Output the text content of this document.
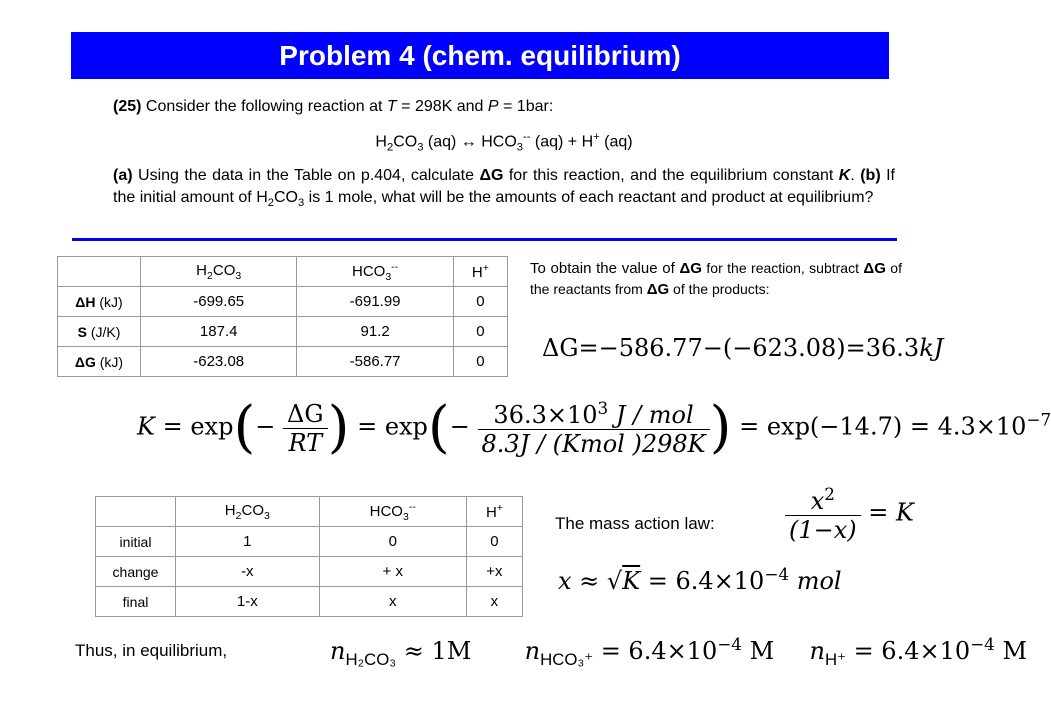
Problem 4 (chem. equilibrium)

(25) Consider the following reaction at T = 298K and P = 1bar:

$H_2CO_3$ (aq) ↔ $HCO_3^{--}$ (aq) + H+ (aq)

(a) Using the data in the Table on p.404, calculate ΔG for this reaction, and the equilibrium constant K. (b) If the initial amount of $H_2CO_3$ is 1 mole, what will be the amounts of each reactant and product at equilibrium?

	$H_2CO_3$	$HCO_3^{--}$	H+
ΔH (kJ)	-699.65	-691.99	0
S (J/K)	187.4	91.2	0
ΔG (kJ)	-623.08	-586.77	0
To obtain the value of ΔG for the reaction, subtract ΔG of the reactants from ΔG of the products:
ΔG=−586.77−(−623.08)=36.3kJ
$K = \exp(- \frac{\Delta G}{RT}$ ) = $\exp(- \frac{36.3\times 10^3 J / mol}{\text{8.3J / (Kmol )298K}}$ ) = $\exp(-14.7) = 4.3\times 10^{-7}$
	$H_2CO_3$	$HCO_3^{--}$	H+
initial	1	0	0
change	-x	+ x	+x
final	1-x	x	x
The mass action law:	$\frac{x^2}{(1-x)} = K$
$x \approx √K = 6.4\times 10^{-4}$ mol
Thus, in equilibrium,	$n_{H_2CO_3} \approx 1M$ $n_{HCO_3^+} = 6.4\times 10^{-4}$ M $n_{H^+} = 6.4\times 10^{-4}$ M
